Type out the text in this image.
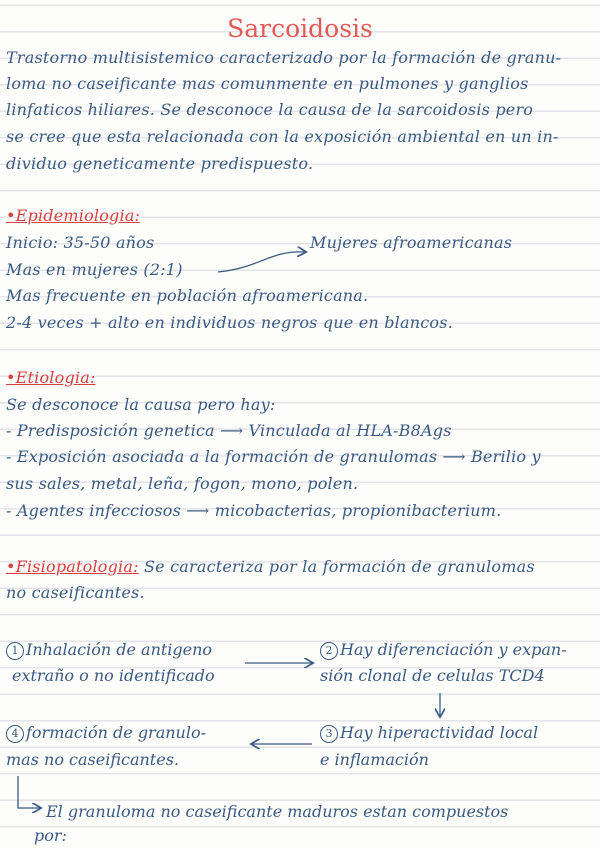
Sarcoidosis
Trastorno multisistemico caracterizado por la formación de granu-
loma no caseificante mas comunmente en pulmones y ganglios
linfaticos hiliares. Se desconoce la causa de la sarcoidosis pero
se cree que esta relacionada con la exposición ambiental en un in-
dividuo geneticamente predispuesto.
•Epidemiologia:
Inicio: 35-50 años	Mujeres afroamericanas
Mas en mujeres (2:1)
Mas frecuente en población afroamericana.
2-4 veces + alto en individuos negros que en blancos.
•Etiologia:
Se desconoce la causa pero hay:
- Predisposición genetica ⟶ Vinculada al HLA-B8Ags
- Exposición asociada a la formación de granulomas ⟶ Berilio y
sus sales, metal, leña, fogon, mono, polen.
- Agentes infecciosos ⟶ micobacterias, propionibacterium.
•Fisiopatologia: Se caracteriza por la formación de granulomas
no caseificantes.
1 Inhalación de antigeno
extraño o no identificado
2 Hay diferenciación y expan-
sión clonal de celulas TCD4
3 Hay hiperactividad local
e inflamación
4 formación de granulo-
mas no caseificantes.
El granuloma no caseificante maduros estan compuestos
por:
